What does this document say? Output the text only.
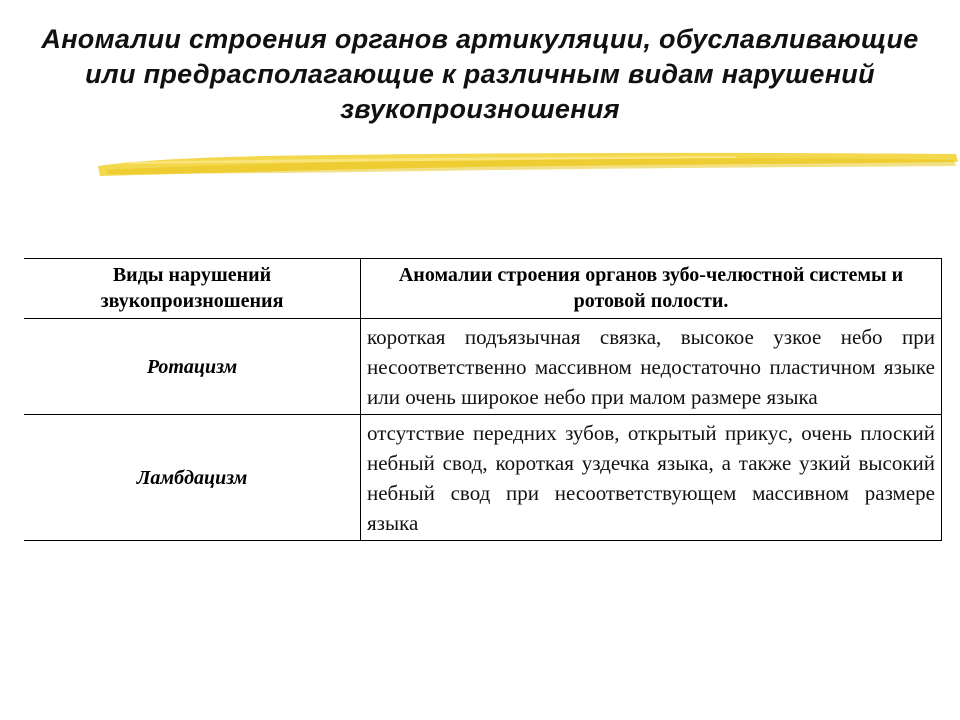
Аномалии строения органов артикуляции, обуславливающие или предрасполагающие к различным видам нарушений звукопроизношения

Виды нарушений звукопроизношения	Аномалии строения органов зубо-челюстной системы и ротовой полости.
Ротацизм	короткая подъязычная связка, высокое узкое небо при несоответственно массивном недостаточно пластичном языке или очень широкое небо при малом размере языка
Ламбдацизм	отсутствие передних зубов, открытый прикус, очень плоский небный свод, короткая уздечка языка, а также узкий высокий небный свод при несоответствующем массивном размере языка
